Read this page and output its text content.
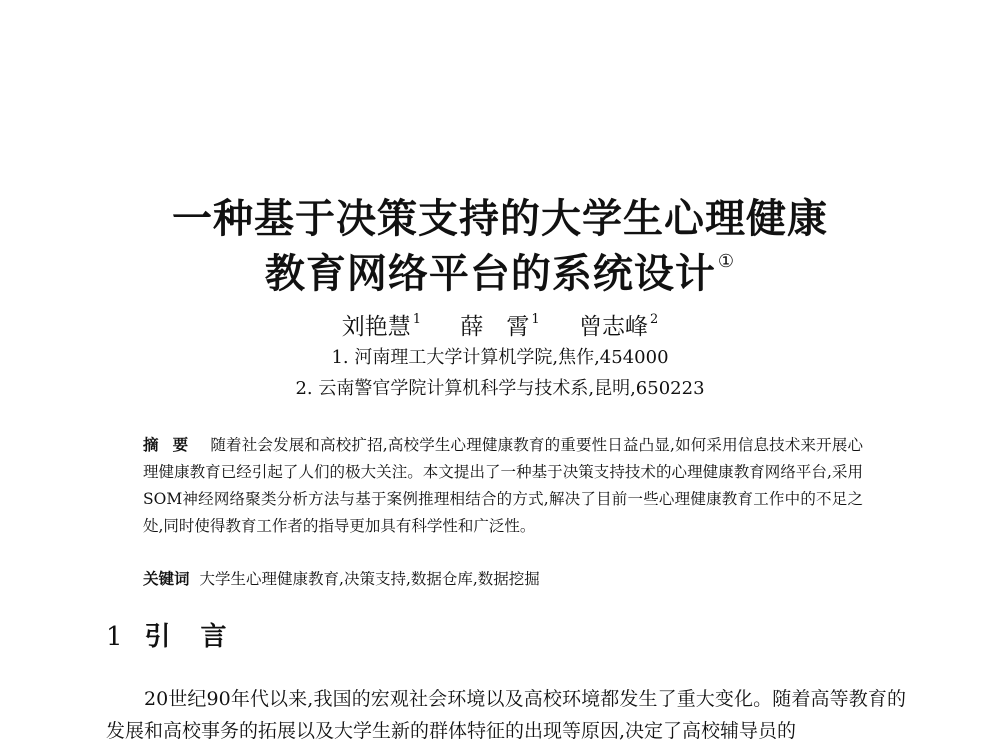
一种基于决策支持的大学生心理健康
教育网络平台的系统设计 ①
刘艳慧 $^1$ 薛　霄 $^1$ 曾志峰 $^2$
1. 河南理工大学计算机学院,焦作,454000
2. 云南警官学院计算机科学与技术系,昆明,650223
摘要 随着社会发展和高校扩招,高校学生心理健康教育的重要性日益凸显,如何采用信息技术来开展心理健康教育已经引起了人们的极大关注。本文提出了一种基于决策支持技术的心理健康教育网络平台,采用SOM神经网络聚类分析方法与基于案例推理相结合的方式,解决了目前一些心理健康教育工作中的不足之处,同时使得教育工作者的指导更加具有科学性和广泛性。
关键词 大学生心理健康教育,决策支持,数据仓库,数据挖掘
1 引言
20世纪90年代以来,我国的宏观社会环境以及高校环境都发生了重大变化。随着高等教育的发展和高校事务的拓展以及大学生新的群体特征的出现等原因,决定了高校辅导员的
